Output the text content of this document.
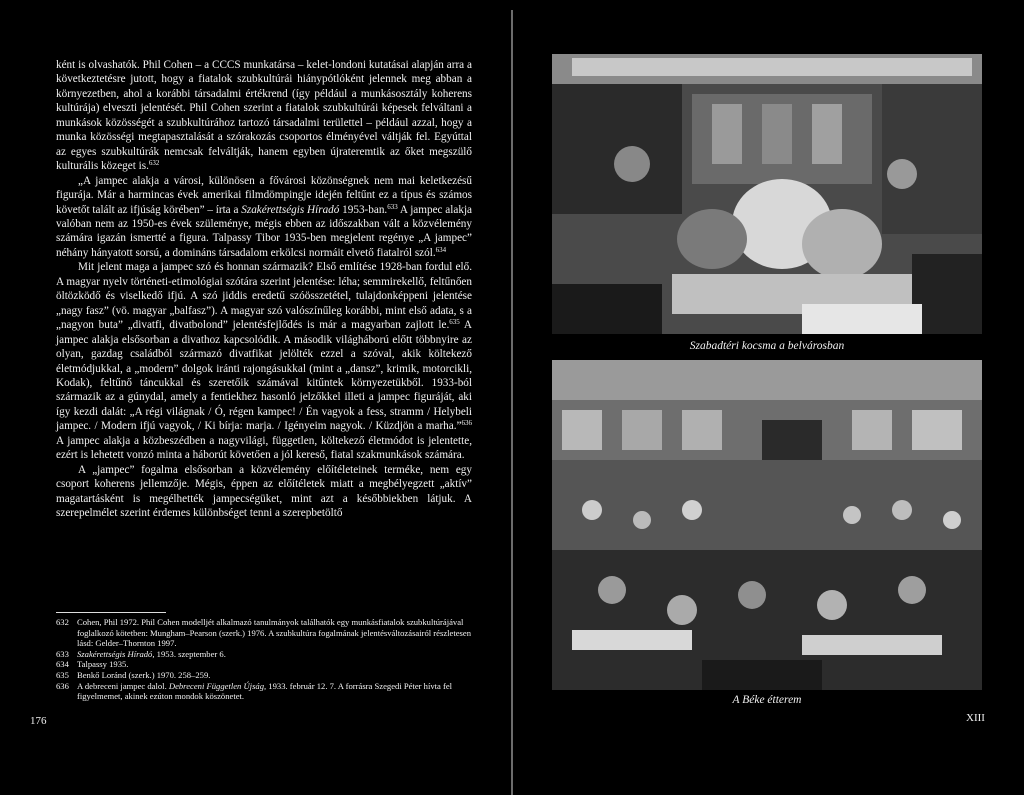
ként is olvashatók. Phil Cohen – a CCCS munkatársa – kelet-londoni kutatásai alapján arra a következtetésre jutott, hogy a fiatalok szubkultúrái hiánypótlóként jelennek meg abban a környezetben, ahol a korábbi társadalmi értékrend (így például a munkásosztály koherens kultúrája) elveszti jelentését. Phil Cohen szerint a fiatalok szubkultúrái képesek felváltani a munkások közösségét a szubkultúrához tartozó társadalmi területtel – például azzal, hogy a munka közösségi megtapasztalását a szórakozás csoportos élményével váltják fel. Egyúttal az egyes szubkultúrák nemcsak felváltják, hanem egyben újrateremtik az őket megszülő kulturális közeget is.$^{632}$

„A jampec alakja a városi, különösen a fővárosi közönségnek nem mai keletkezésű figurája. Már a harmincas évek amerikai filmdömpingje idején feltűnt ez a típus és számos követőt talált az ifjúság körében” – írta a Szakérettségis Híradó 1953-ban.$^{633}$ A jampec alakja valóban nem az 1950-es évek szüleménye, mégis ebben az időszakban vált a közvélemény számára igazán ismertté a figura. Talpassy Tibor 1935-ben megjelent regénye „A jampec” néhány hányatott sorsú, a domináns társadalom erkölcsi normáit elvető fiatalról szól.$^{634}$

Mit jelent maga a jampec szó és honnan származik? Első említése 1928-ban fordul elő. A magyar nyelv történeti-etimológiai szótára szerint jelentése: léha; semmirekellő, feltűnően öltözködő és viselkedő ifjú. A szó jiddis eredetű szóösszetétel, tulajdonképpeni jelentése „nagy fasz” (vö. magyar „balfasz”). A magyar szó valószínűleg korábbi, mint első adata, s a „nagyon buta” „divatfi, divatbolond” jelentésfejlődés is már a magyarban zajlott le.$^{635}$ A jampec alakja elsősorban a divathoz kapcsolódik. A második világháború előtt többnyire az olyan, gazdag családból származó divatfikat jelölték ezzel a szóval, akik költekező életmódjukkal, a „modern” dolgok iránti rajongásukkal (mint a „dansz”, krimik, motorcikli, Kodak), feltűnő táncukkal és szeretőik számával kitűntek környezetükből. 1933-ból származik az a gúnydal, amely a fentiekhez hasonló jelzőkkel illeti a jampec figuráját, aki így kezdi dalát: „A régi világnak / Ó, régen kampec! / Én vagyok a fess, stramm / Helybeli jampec. / Modern ifjú vagyok, / Ki bírja: marja. / Igényeim nagyok. / Küzdjön a marha.”$^{636}$ A jampec alakja a közbeszédben a nagyvilági, független, költekező életmódot is jelentette, ezért is lehetett vonzó minta a háborút követően a jól kereső, fiatal szakmunkások számára.

A „jampec” fogalma elsősorban a közvélemény előítéleteinek terméke, nem egy csoport koherens jellemzője. Mégis, éppen az előítéletek miatt a megbélyegzett „aktív” magatartásként is megélhették jampecségüket, mint azt a későbbiekben látjuk. A szerepelmélet szerint érdemes különbséget tenni a szerepbetöltő

632 Cohen, Phil 1972. Phil Cohen modelljét alkalmazó tanulmányok találhatók egy munkásfiatalok szubkultúrájával foglalkozó kötetben: Mungham–Pearson (szerk.) 1976. A szubkultúra fogalmának jelentésváltozásairól részletesen lásd: Gelder–Thornton 1997.
633 Szakérettségis Híradó, 1953. szeptember 6.
634 Talpassy 1935.
635 Benkő Loránd (szerk.) 1970. 258–259.
636 A debreceni jampec dalol. Debreceni Független Újság, 1933. február 12. 7. A forrásra Szegedi Péter hívta fel figyelmemet, akinek ezúton mondok köszönetet.
176
Szabadtéri kocsma a belvárosban
A Béke étterem
XIII
